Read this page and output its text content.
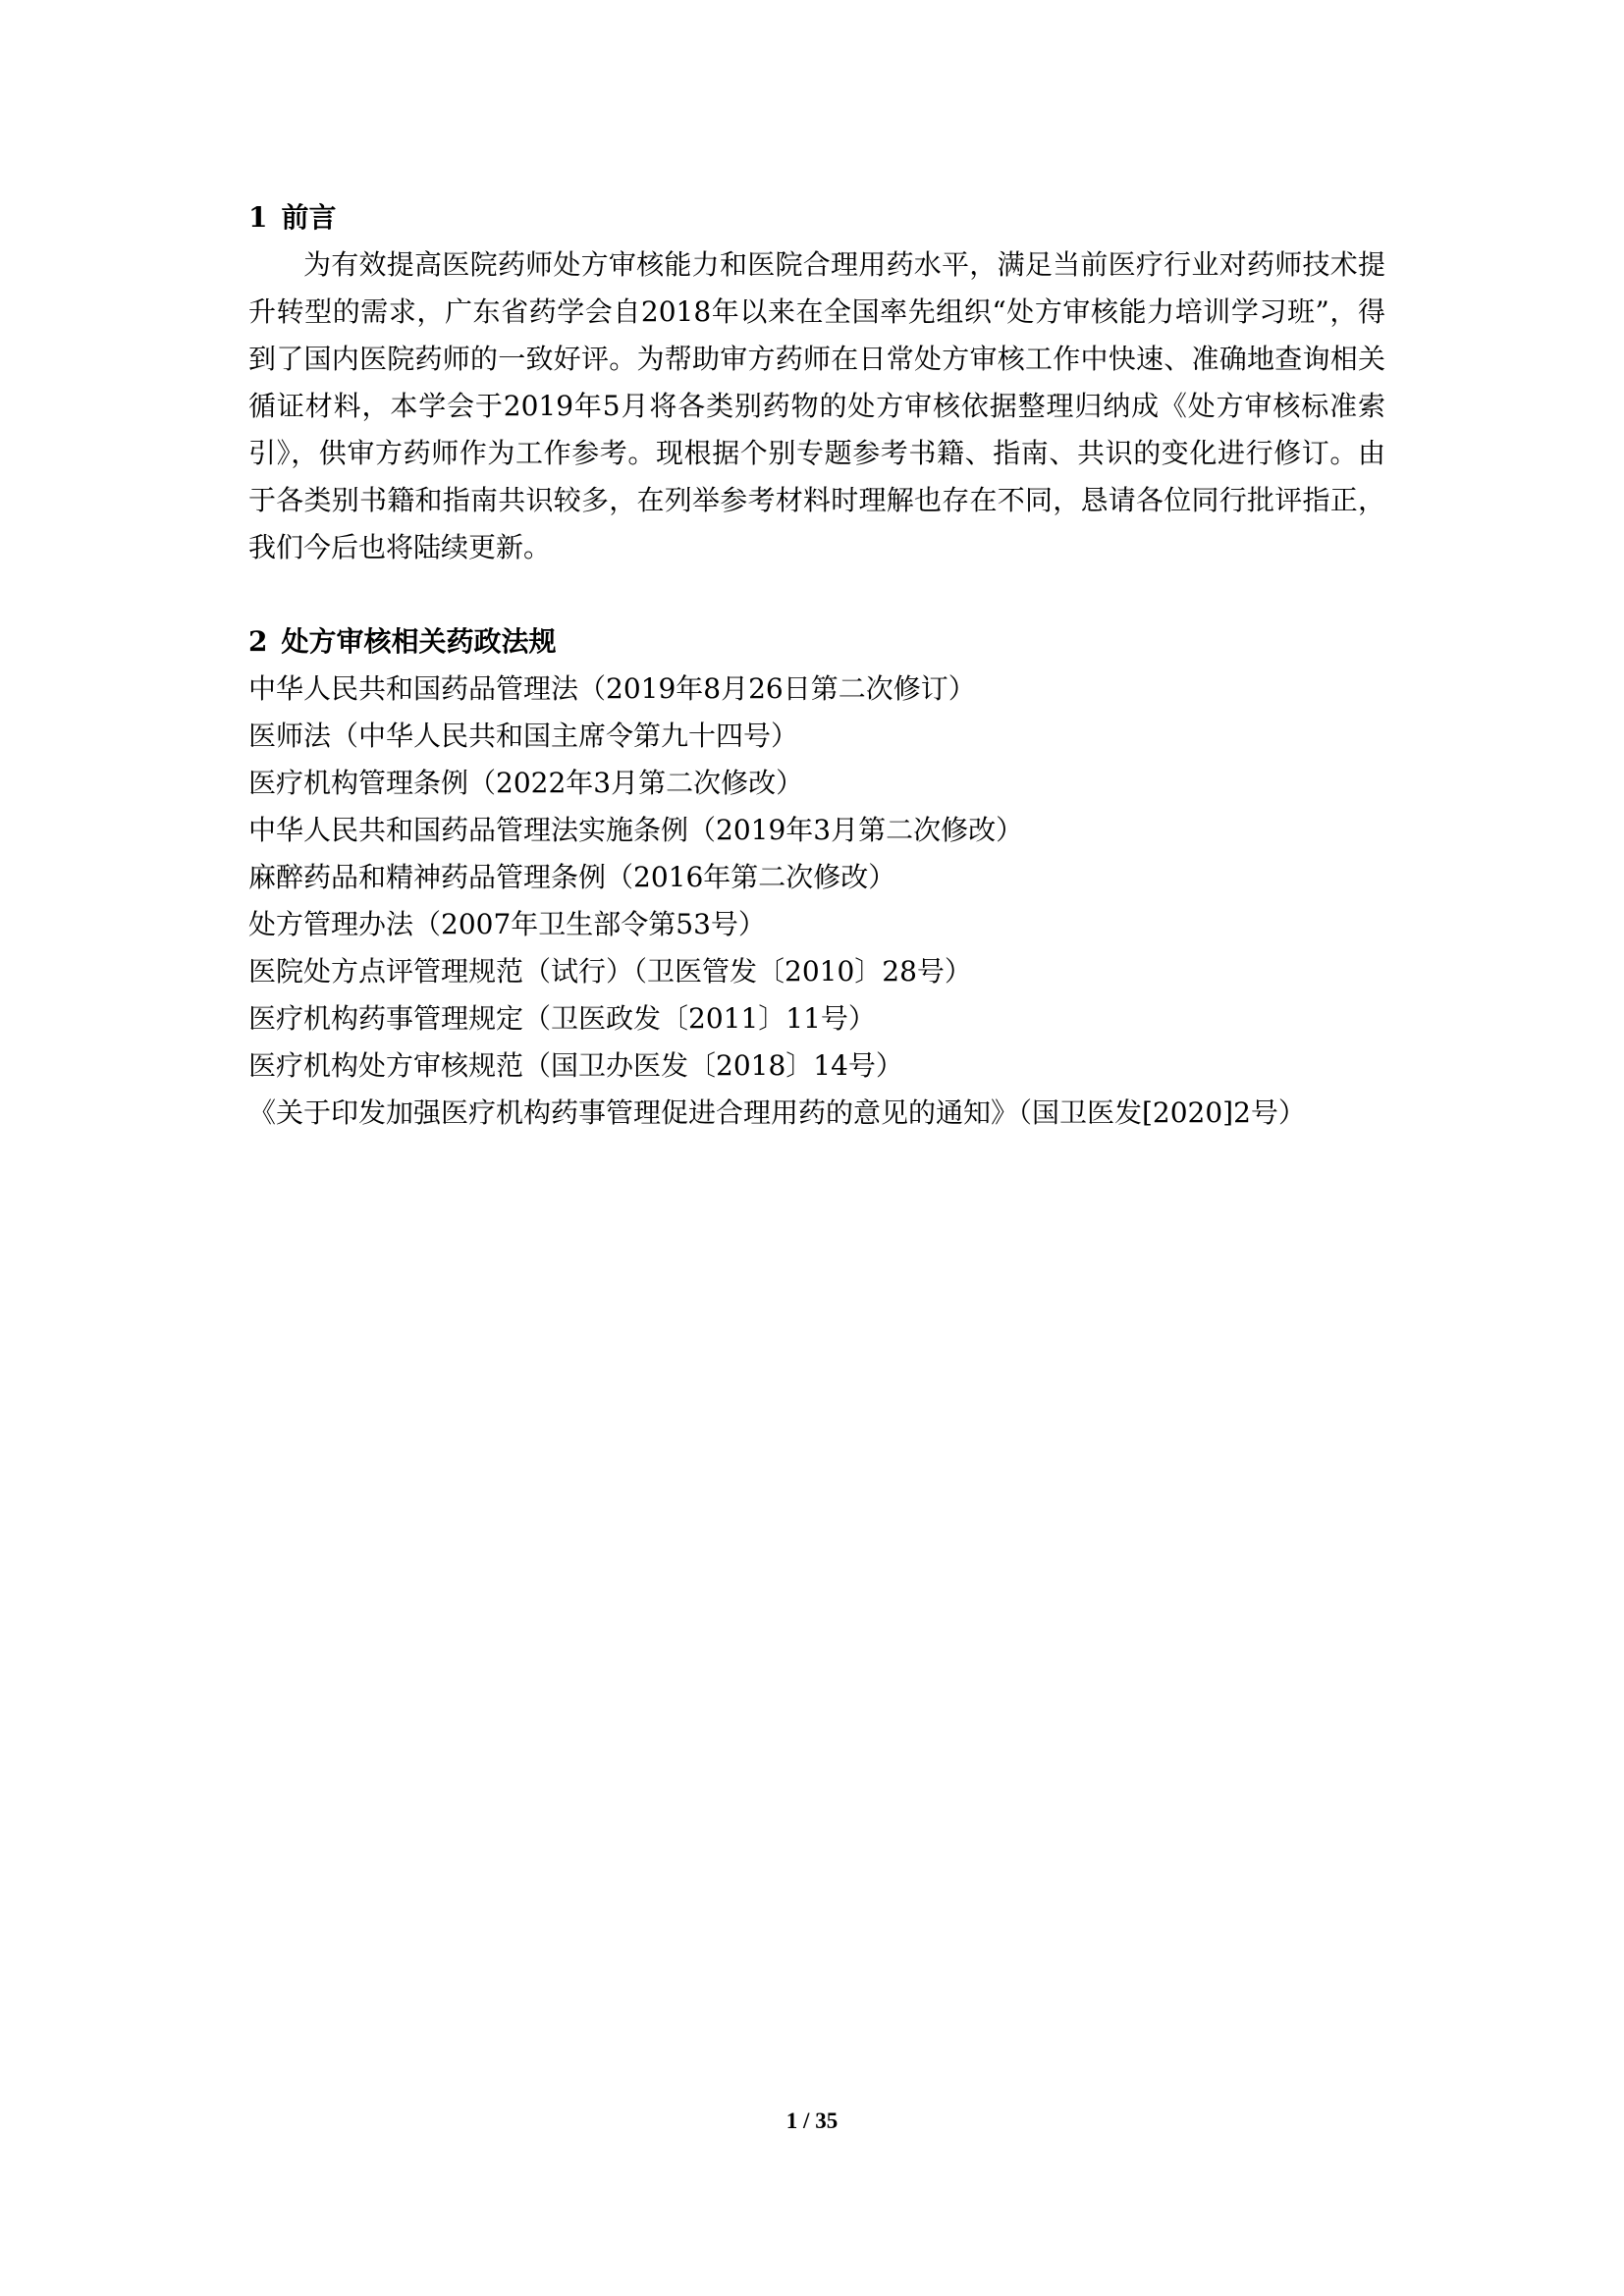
1 前言

为有效提高医院药师处方审核能力和医院合理用药水平，满足当前医疗行业对药师技术提升转型的需求，广东省药学会自2018年以来在全国率先组织“处方审核能力培训学习班”，得到了国内医院药师的一致好评。为帮助审方药师在日常处方审核工作中快速、准确地查询相关循证材料，本学会于2019年5月将各类别药物的处方审核依据整理归纳成《处方审核标准索引》，供审方药师作为工作参考。现根据个别专题参考书籍、指南、共识的变化进行修订。由于各类别书籍和指南共识较多，在列举参考材料时理解也存在不同，恳请各位同行批评指正，我们今后也将陆续更新。

2 处方审核相关药政法规
中华人民共和国药品管理法（2019年8月26日第二次修订）
医师法（中华人民共和国主席令第九十四号）
医疗机构管理条例（2022年3月第二次修改）
中华人民共和国药品管理法实施条例（2019年3月第二次修改）
麻醉药品和精神药品管理条例（2016年第二次修改）
处方管理办法（2007年卫生部令第53号）
医院处方点评管理规范（试行）（卫医管发〔2010〕28号）
医疗机构药事管理规定（卫医政发〔2011〕11号）
医疗机构处方审核规范（国卫办医发〔2018〕14号）
《关于印发加强医疗机构药事管理促进合理用药的意见的通知》（国卫医发[2020]2号）
1 / 35
